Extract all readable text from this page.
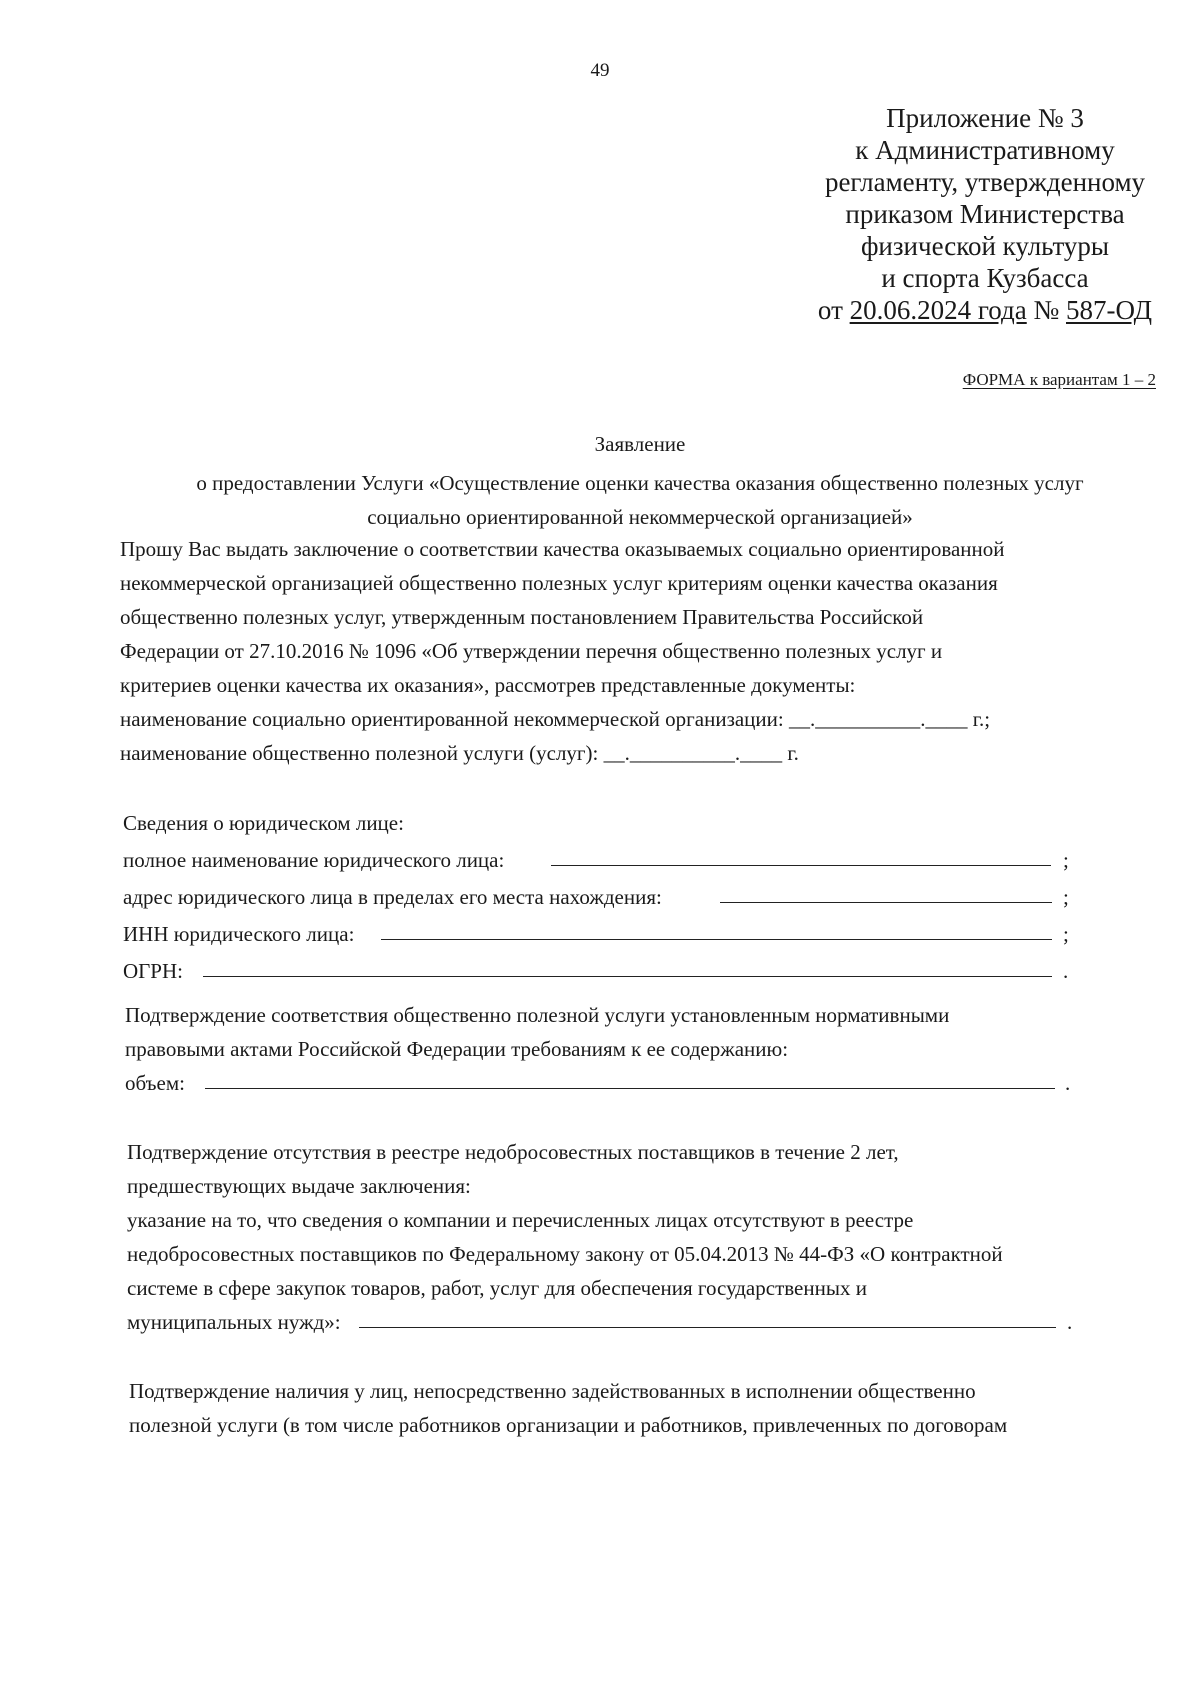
49
Приложение № 3
к Административному
регламенту, утвержденному
приказом Министерства
физической культуры
и спорта Кузбасса
от 20.06.2024 года № 587-ОД
ФОРМА к вариантам 1 – 2
Заявление
о предоставлении Услуги «Осуществление оценки качества оказания общественно полезных услуг
социально ориентированной некоммерческой организацией»
Прошу Вас выдать заключение о соответствии качества оказываемых социально ориентированной
некоммерческой организацией общественно полезных услуг критериям оценки качества оказания
общественно полезных услуг, утвержденным постановлением Правительства Российской
Федерации от 27.10.2016 № 1096 «Об утверждении перечня общественно полезных услуг и
критериев оценки качества их оказания», рассмотрев представленные документы:
наименование социально ориентированной некоммерческой организации: __.__________.____ г.;
наименование общественно полезной услуги (услуг): __.__________.____ г.
Сведения о юридическом лице:
полное наименование юридического лица:	;
адрес юридического лица в пределах его места нахождения:	;
ИНН юридического лица:	;
ОГРН:	.
Подтверждение соответствия общественно полезной услуги установленным нормативными
правовыми актами Российской Федерации требованиям к ее содержанию:
объем:	.
Подтверждение отсутствия в реестре недобросовестных поставщиков в течение 2 лет,
предшествующих выдаче заключения:
указание на то, что сведения о компании и перечисленных лицах отсутствуют в реестре
недобросовестных поставщиков по Федеральному закону от 05.04.2013 № 44-ФЗ «О контрактной
системе в сфере закупок товаров, работ, услуг для обеспечения государственных и
муниципальных нужд»:	.
Подтверждение наличия у лиц, непосредственно задействованных в исполнении общественно
полезной услуги (в том числе работников организации и работников, привлеченных по договорам
